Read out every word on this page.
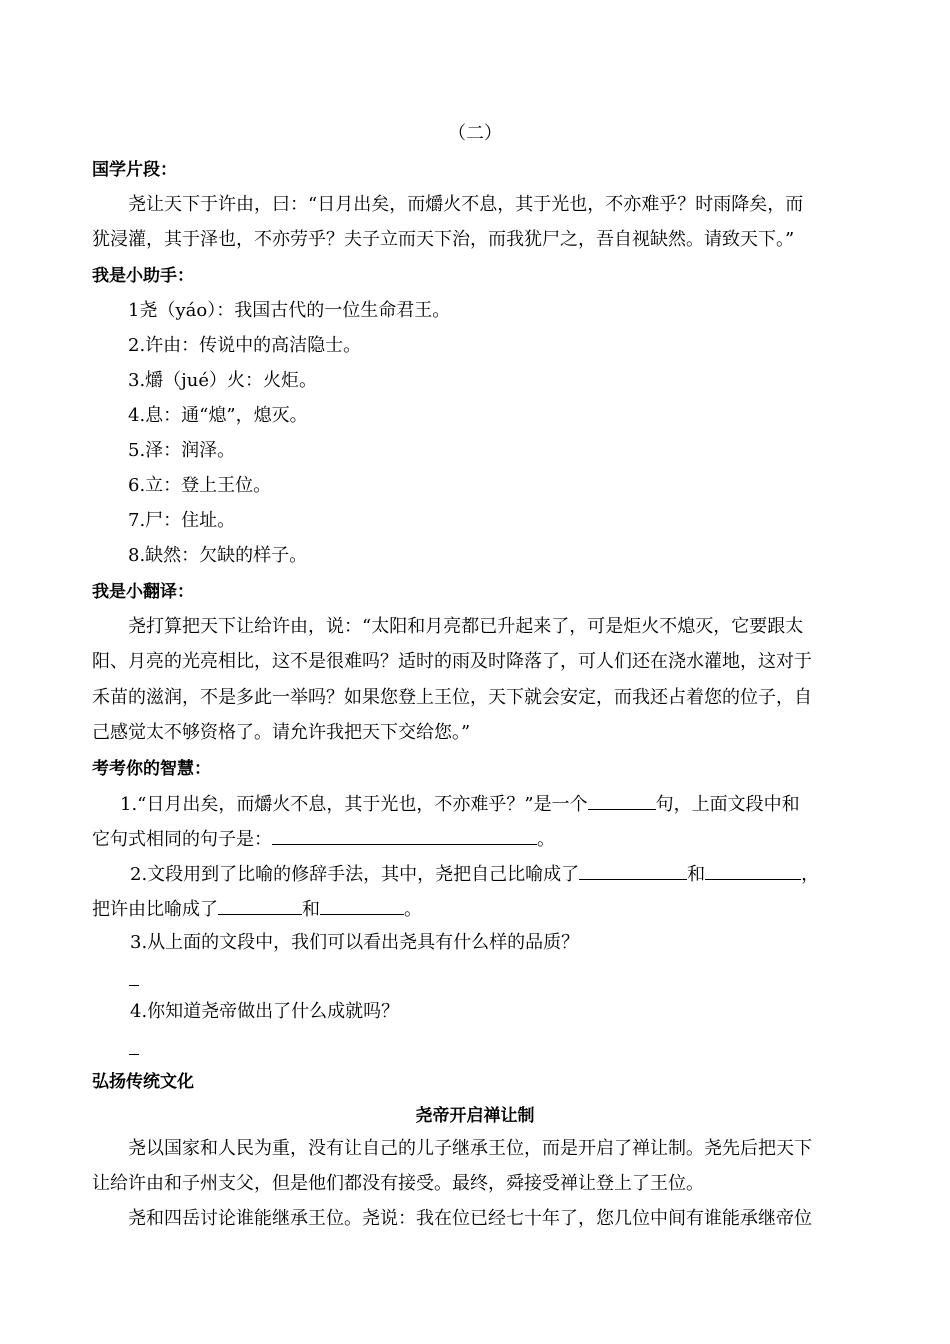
（二）
国学片段：
尧让天下于许由，曰：“日月出矣，而爝火不息，其于光也，不亦难乎？时雨降矣，而
犹浸灌，其于泽也，不亦劳乎？夫子立而天下治，而我犹尸之，吾自视缺然。请致天下。”
我是小助手：
1尧（yáo）：我国古代的一位生命君王。
2.许由：传说中的高洁隐士。
3.爝（jué）火：火炬。
4.息：通“熄”，熄灭。
5.泽：润泽。
6.立：登上王位。
7.尸：住址。
8.缺然：欠缺的样子。
我是小翻译：
尧打算把天下让给许由，说：“太阳和月亮都已升起来了，可是炬火不熄灭，它要跟太
阳、月亮的光亮相比，这不是很难吗？适时的雨及时降落了，可人们还在浇水灌地，这对于
禾苗的滋润，不是多此一举吗？如果您登上王位，天下就会安定，而我还占着您的位子，自
己感觉太不够资格了。请允许我把天下交给您。”
考考你的智慧：
1.“日月出矣，而爝火不息，其于光也，不亦难乎？”是一个	句，上面文段中和
它句式相同的句子是：	。
2.文段用到了比喻的修辞手法，其中，尧把自己比喻成了	和	，
把许由比喻成了	和	。
3.从上面的文段中，我们可以看出尧具有什么样的品质？
4.你知道尧帝做出了什么成就吗？
弘扬传统文化
尧帝开启禅让制
尧以国家和人民为重，没有让自己的儿子继承王位，而是开启了禅让制。尧先后把天下
让给许由和子州支父，但是他们都没有接受。最终，舜接受禅让登上了王位。
尧和四岳讨论谁能继承王位。尧说：我在位已经七十年了，您几位中间有谁能承继帝位
